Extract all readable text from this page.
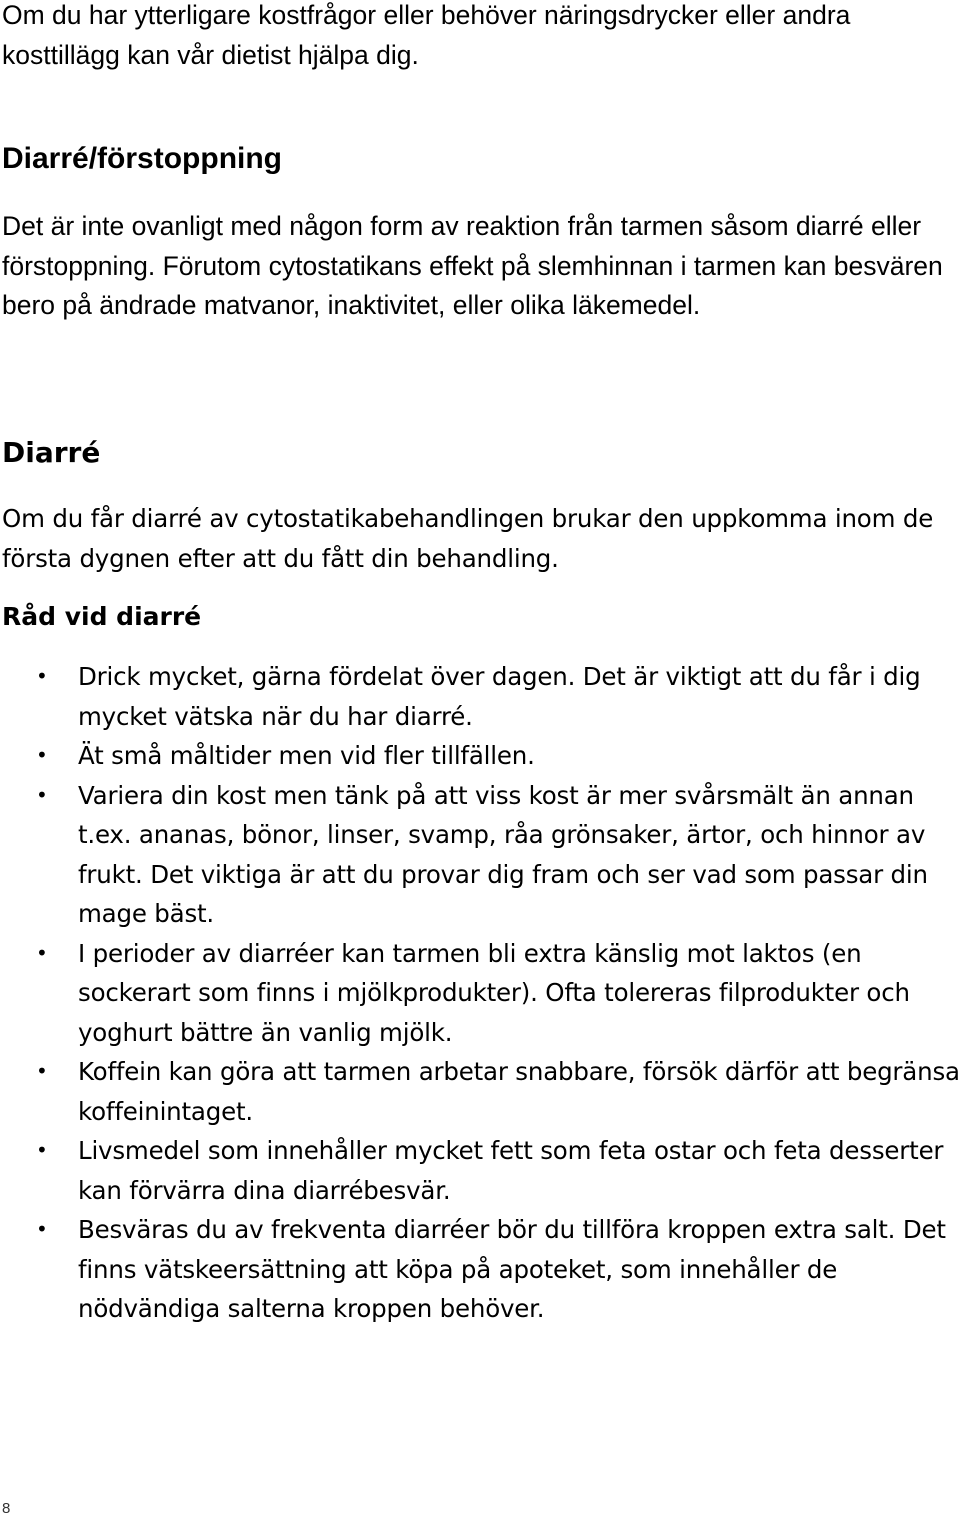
Om du har ytterligare kostfrågor eller behöver näringsdrycker eller andra kosttillägg kan vår dietist hjälpa dig.

Diarré/förstoppning

Det är inte ovanligt med någon form av reaktion från tarmen såsom diarré eller förstoppning. Förutom cytostatikans effekt på slemhinnan i tarmen kan besvären bero på ändrade matvanor, inaktivitet, eller olika läkemedel.

Diarré

Om du får diarré av cytostatikabehandlingen brukar den uppkomma inom de första dygnen efter att du fått din behandling.

Råd vid diarré
• Drick mycket, gärna fördelat över dagen. Det är viktigt att du får i dig mycket vätska när du har diarré.
• Ät små måltider men vid fler tillfällen.
• Variera din kost men tänk på att viss kost är mer svårsmält än annan t.ex. ananas, bönor, linser, svamp, råa grönsaker, ärtor, och hinnor av frukt. Det viktiga är att du provar dig fram och ser vad som passar din mage bäst.
• I perioder av diarréer kan tarmen bli extra känslig mot laktos (en sockerart som finns i mjölkprodukter). Ofta tolereras filprodukter och yoghurt bättre än vanlig mjölk.
• Koffein kan göra att tarmen arbetar snabbare, försök därför att begränsa koffeinintaget.
• Livsmedel som innehåller mycket fett som feta ostar och feta desserter kan förvärra dina diarrébesvär.
• Besväras du av frekventa diarréer bör du tillföra kroppen extra salt. Det finns vätskeersättning att köpa på apoteket, som innehåller de nödvändiga salterna kroppen behöver.
8
